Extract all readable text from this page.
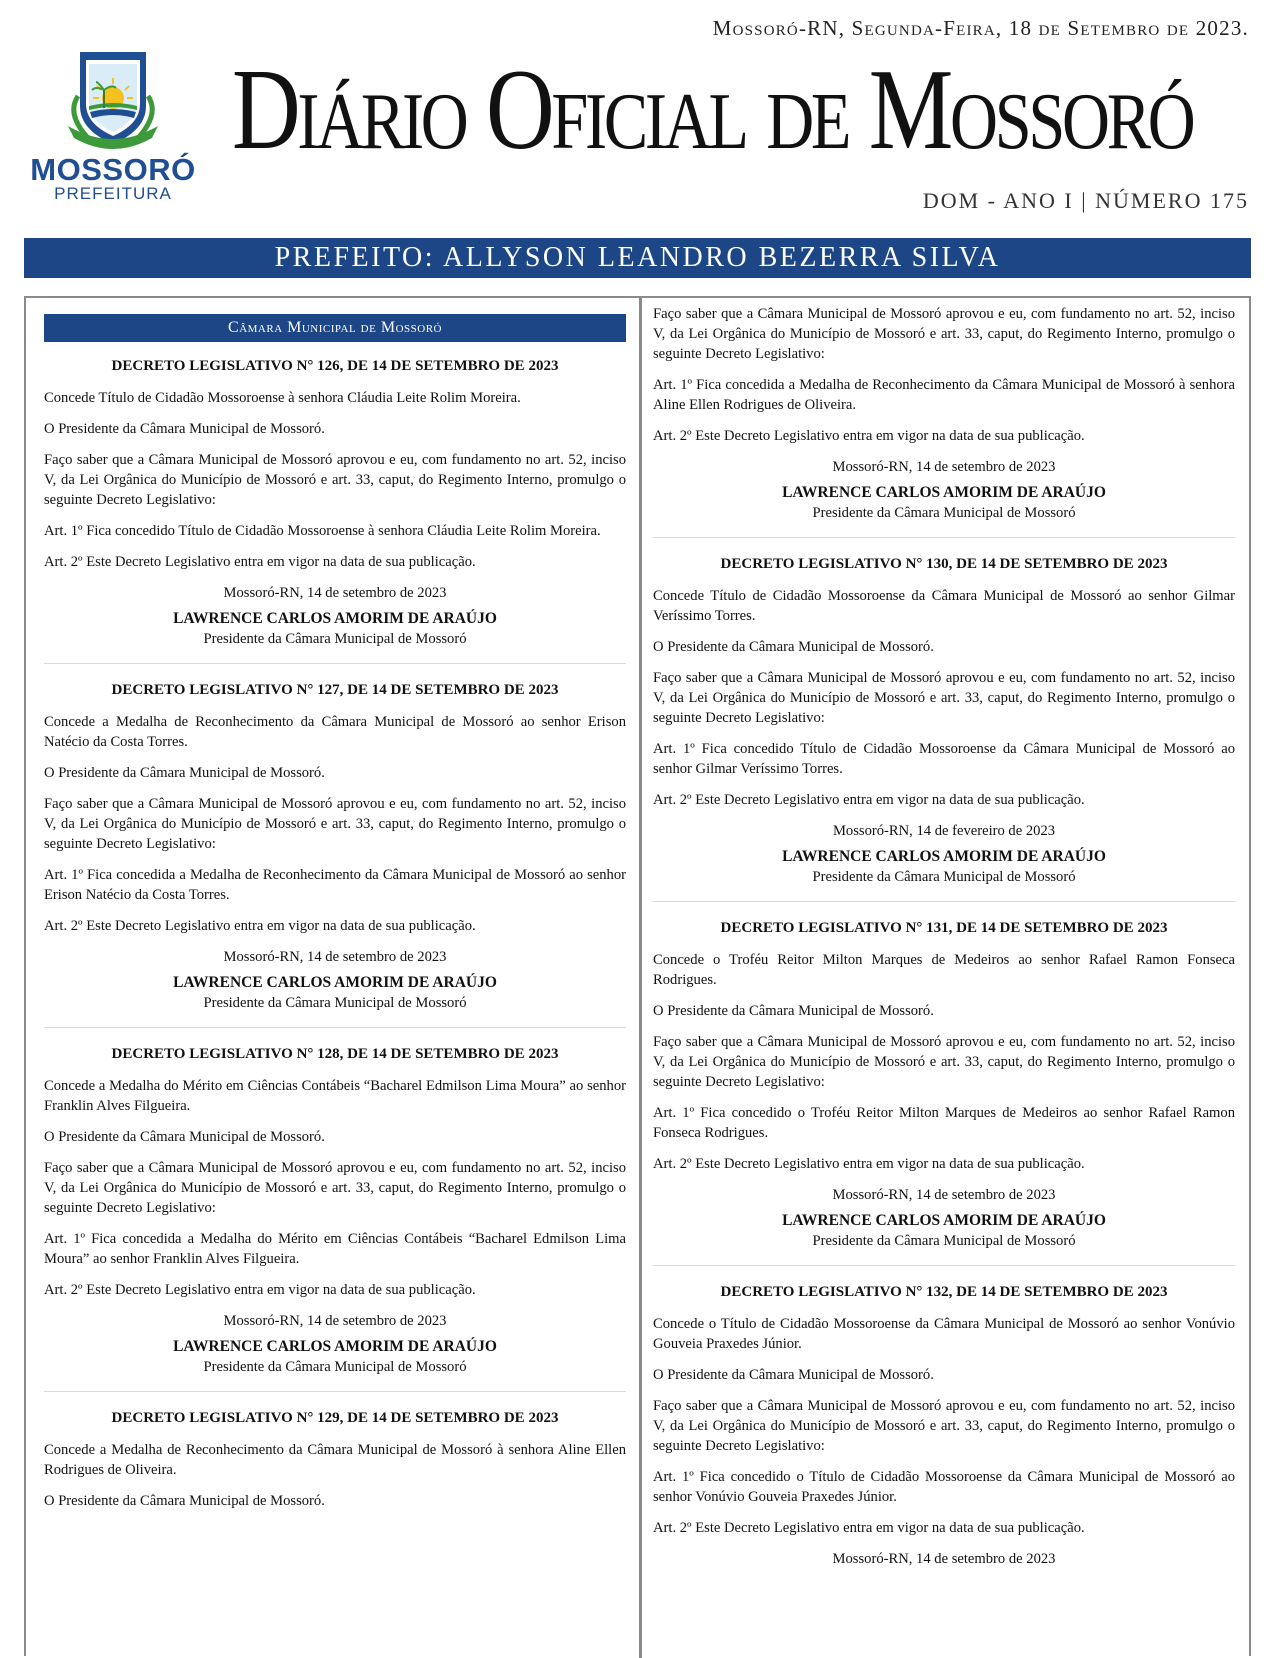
Mossoró-RN, Segunda-Feira, 18 de Setembro de 2023.
MOSSORÓ
PREFEITURA
Diário Oficial de Mossoró
DOM - ANO I | NÚMERO 175
PREFEITO: ALLYSON LEANDRO BEZERRA SILVA
Câmara Municipal de Mossoró
DECRETO LEGISLATIVO N° 126, DE 14 DE SETEMBRO DE 2023

Concede Título de Cidadão Mossoroense à senhora Cláudia Leite Rolim Moreira.

O Presidente da Câmara Municipal de Mossoró.

Faço saber que a Câmara Municipal de Mossoró aprovou e eu, com fundamento no art. 52, inciso V, da Lei Orgânica do Município de Mossoró e art. 33, caput, do Regimento Interno, promulgo o seguinte Decreto Legislativo:

Art. 1º Fica concedido Título de Cidadão Mossoroense à senhora Cláudia Leite Rolim Moreira.

Art. 2º Este Decreto Legislativo entra em vigor na data de sua publicação.

Mossoró-RN, 14 de setembro de 2023

LAWRENCE CARLOS AMORIM DE ARAÚJO

Presidente da Câmara Municipal de Mossoró

DECRETO LEGISLATIVO N° 127, DE 14 DE SETEMBRO DE 2023

Concede a Medalha de Reconhecimento da Câmara Municipal de Mossoró ao senhor Erison Natécio da Costa Torres.

O Presidente da Câmara Municipal de Mossoró.

Faço saber que a Câmara Municipal de Mossoró aprovou e eu, com fundamento no art. 52, inciso V, da Lei Orgânica do Município de Mossoró e art. 33, caput, do Regimento Interno, promulgo o seguinte Decreto Legislativo:

Art. 1º Fica concedida a Medalha de Reconhecimento da Câmara Municipal de Mossoró ao senhor Erison Natécio da Costa Torres.

Art. 2º Este Decreto Legislativo entra em vigor na data de sua publicação.

Mossoró-RN, 14 de setembro de 2023

LAWRENCE CARLOS AMORIM DE ARAÚJO

Presidente da Câmara Municipal de Mossoró

DECRETO LEGISLATIVO N° 128, DE 14 DE SETEMBRO DE 2023

Concede a Medalha do Mérito em Ciências Contábeis “Bacharel Edmilson Lima Moura” ao senhor Franklin Alves Filgueira.

O Presidente da Câmara Municipal de Mossoró.

Faço saber que a Câmara Municipal de Mossoró aprovou e eu, com fundamento no art. 52, inciso V, da Lei Orgânica do Município de Mossoró e art. 33, caput, do Regimento Interno, promulgo o seguinte Decreto Legislativo:

Art. 1º Fica concedida a Medalha do Mérito em Ciências Contábeis “Bacharel Edmilson Lima Moura” ao senhor Franklin Alves Filgueira.

Art. 2º Este Decreto Legislativo entra em vigor na data de sua publicação.

Mossoró-RN, 14 de setembro de 2023

LAWRENCE CARLOS AMORIM DE ARAÚJO

Presidente da Câmara Municipal de Mossoró

DECRETO LEGISLATIVO N° 129, DE 14 DE SETEMBRO DE 2023

Concede a Medalha de Reconhecimento da Câmara Municipal de Mossoró à senhora Aline Ellen Rodrigues de Oliveira.

O Presidente da Câmara Municipal de Mossoró.

Faço saber que a Câmara Municipal de Mossoró aprovou e eu, com fundamento no art. 52, inciso V, da Lei Orgânica do Município de Mossoró e art. 33, caput, do Regimento Interno, promulgo o seguinte Decreto Legislativo:

Art. 1º Fica concedida a Medalha de Reconhecimento da Câmara Municipal de Mossoró à senhora Aline Ellen Rodrigues de Oliveira.

Art. 2º Este Decreto Legislativo entra em vigor na data de sua publicação.

Mossoró-RN, 14 de setembro de 2023

LAWRENCE CARLOS AMORIM DE ARAÚJO

Presidente da Câmara Municipal de Mossoró

DECRETO LEGISLATIVO N° 130, DE 14 DE SETEMBRO DE 2023

Concede Título de Cidadão Mossoroense da Câmara Municipal de Mossoró ao senhor Gilmar Veríssimo Torres.

O Presidente da Câmara Municipal de Mossoró.

Faço saber que a Câmara Municipal de Mossoró aprovou e eu, com fundamento no art. 52, inciso V, da Lei Orgânica do Município de Mossoró e art. 33, caput, do Regimento Interno, promulgo o seguinte Decreto Legislativo:

Art. 1º Fica concedido Título de Cidadão Mossoroense da Câmara Municipal de Mossoró ao senhor Gilmar Veríssimo Torres.

Art. 2º Este Decreto Legislativo entra em vigor na data de sua publicação.

Mossoró-RN, 14 de fevereiro de 2023

LAWRENCE CARLOS AMORIM DE ARAÚJO

Presidente da Câmara Municipal de Mossoró

DECRETO LEGISLATIVO N° 131, DE 14 DE SETEMBRO DE 2023

Concede o Troféu Reitor Milton Marques de Medeiros ao senhor Rafael Ramon Fonseca Rodrigues.

O Presidente da Câmara Municipal de Mossoró.

Faço saber que a Câmara Municipal de Mossoró aprovou e eu, com fundamento no art. 52, inciso V, da Lei Orgânica do Município de Mossoró e art. 33, caput, do Regimento Interno, promulgo o seguinte Decreto Legislativo:

Art. 1º Fica concedido o Troféu Reitor Milton Marques de Medeiros ao senhor Rafael Ramon Fonseca Rodrigues.

Art. 2º Este Decreto Legislativo entra em vigor na data de sua publicação.

Mossoró-RN, 14 de setembro de 2023

LAWRENCE CARLOS AMORIM DE ARAÚJO

Presidente da Câmara Municipal de Mossoró

DECRETO LEGISLATIVO N° 132, DE 14 DE SETEMBRO DE 2023

Concede o Título de Cidadão Mossoroense da Câmara Municipal de Mossoró ao senhor Vonúvio Gouveia Praxedes Júnior.

O Presidente da Câmara Municipal de Mossoró.

Faço saber que a Câmara Municipal de Mossoró aprovou e eu, com fundamento no art. 52, inciso V, da Lei Orgânica do Município de Mossoró e art. 33, caput, do Regimento Interno, promulgo o seguinte Decreto Legislativo:

Art. 1º Fica concedido o Título de Cidadão Mossoroense da Câmara Municipal de Mossoró ao senhor Vonúvio Gouveia Praxedes Júnior.

Art. 2º Este Decreto Legislativo entra em vigor na data de sua publicação.

Mossoró-RN, 14 de setembro de 2023
